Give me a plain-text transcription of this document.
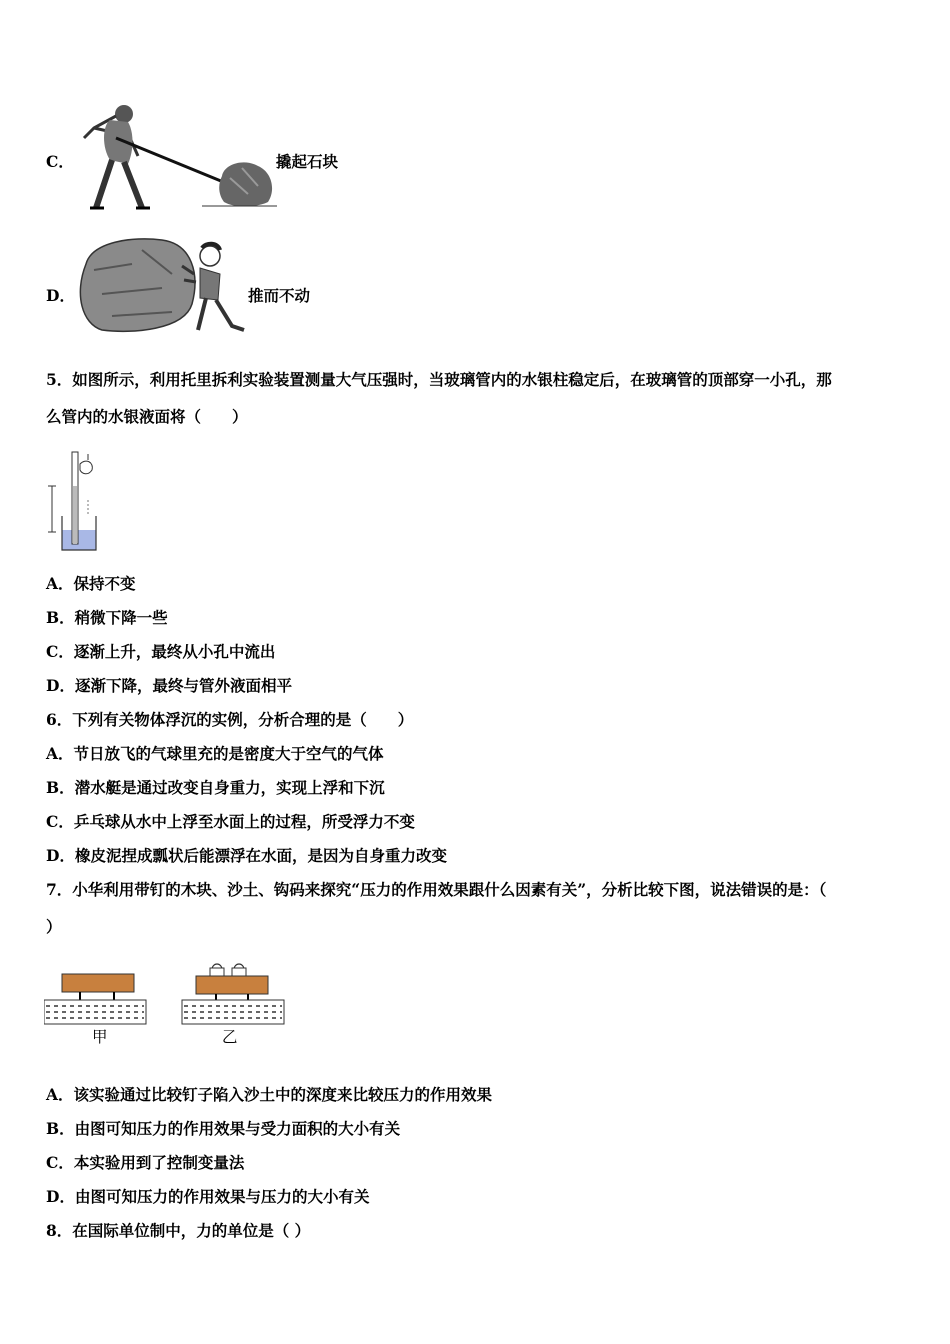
C．	撬起石块
D．	推而不动
5．如图所示，利用托里拆利实验装置测量大气压强时，当玻璃管内的水银柱稳定后，在玻璃管的顶部穿一小孔，那
么管内的水银液面将（　　）
A．保持不变
B．稍微下降一些
C．逐渐上升，最终从小孔中流出
D．逐渐下降，最终与管外液面相平
6．下列有关物体浮沉的实例，分析合理的是（　　）
A．节日放飞的气球里充的是密度大于空气的气体
B．潜水艇是通过改变自身重力，实现上浮和下沉
C．乒乓球从水中上浮至水面上的过程，所受浮力不变
D．橡皮泥捏成瓢状后能漂浮在水面，是因为自身重力改变
7．小华利用带钉的木块、沙土、钩码来探究“压力的作用效果跟什么因素有关”，分析比较下图，说法错误的是：（
）
甲	乙
A．该实验通过比较钉子陷入沙土中的深度来比较压力的作用效果
B．由图可知压力的作用效果与受力面积的大小有关
C．本实验用到了控制变量法
D．由图可知压力的作用效果与压力的大小有关
8．在国际单位制中，力的单位是（ ）
